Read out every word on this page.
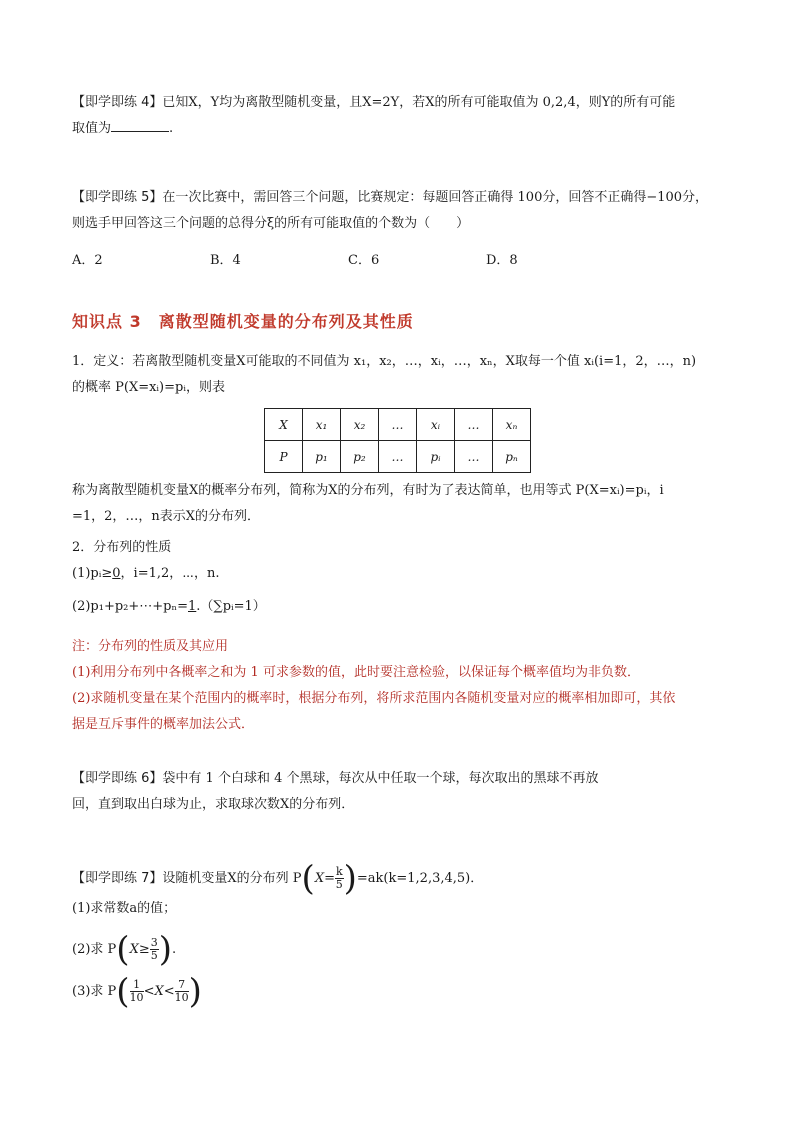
【即学即练 4】已知X，Y均为离散型随机变量，且X=2Y，若X的所有可能取值为 0,2,4，则Y的所有可能
取值为	.
【即学即练 5】在一次比赛中，需回答三个问题，比赛规定：每题回答正确得 100分，回答不正确得−100分，
则选手甲回答这三个问题的总得分ξ的所有可能取值的个数为（　　）
A．2	B．4	C．6	D．8
知识点 3　离散型随机变量的分布列及其性质
1．定义：若离散型随机变量X可能取的不同值为 x₁，x₂，…，xᵢ，…，xₙ，X取每一个值 xᵢ(i=1，2，…，n)
的概率 P(X=xᵢ)=pᵢ，则表
X	x₁	x₂	…	xᵢ	…	xₙ
P	p₁	p₂	…	pᵢ	…	pₙ
称为离散型随机变量X的概率分布列，简称为X的分布列，有时为了表达简单，也用等式 P(X=xᵢ)=pᵢ，i
=1，2，…，n表示X的分布列．
2．分布列的性质
(1)pᵢ≥0，i=1,2，⋯，n.
(2)p₁+p₂+⋯+pₙ=1.（∑pᵢ=1）
注：分布列的性质及其应用
(1)利用分布列中各概率之和为 1 可求参数的值，此时要注意检验，以保证每个概率值均为非负数．
(2)求随机变量在某个范围内的概率时，根据分布列，将所求范围内各随机变量对应的概率相加即可，其依
据是互斥事件的概率加法公式．
【即学即练 6】袋中有 1 个白球和 4 个黑球，每次从中任取一个球，每次取出的黑球不再放
回，直到取出白球为止，求取球次数X的分布列．
【即学即练 7】设随机变量X的分布列 $P(X= \frac{k}{5})=ak(k=1,2,3,4,5)$．
(1)求常数a的值；
(2)求 $P(X\ge \frac{3}{5})$.
(3)求 $P( \frac{1}{10}<X< \frac{7}{10})$
